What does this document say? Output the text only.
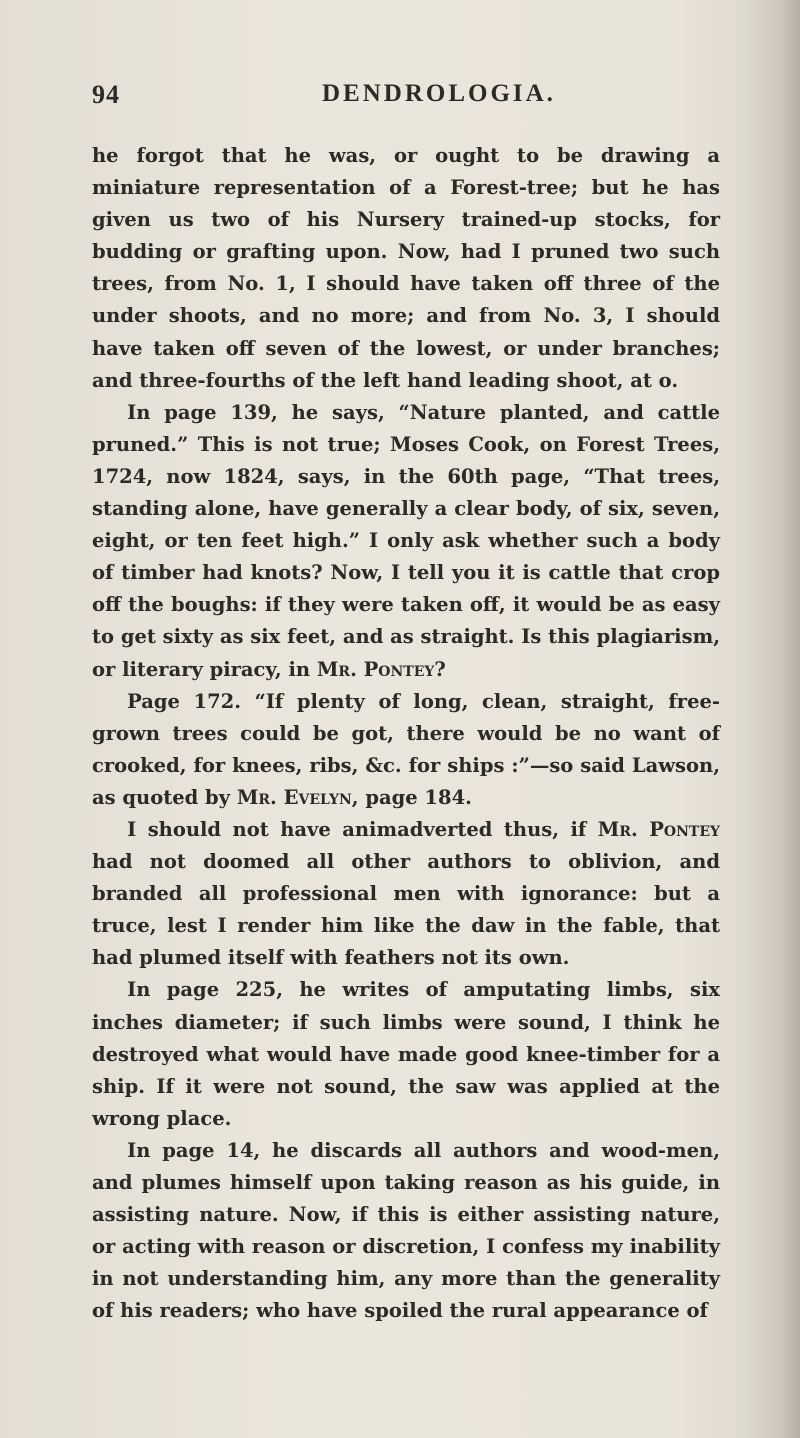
94	DENDROLOGIA.

he forgot that he was, or ought to be drawing a miniature representation of a Forest-tree; but he has given us two of his Nursery trained-up stocks, for budding or grafting upon. Now, had I pruned two such trees, from No. 1, I should have taken off three of the under shoots, and no more; and from No. 3, I should have taken off seven of the lowest, or under branches; and three-fourths of the left hand leading shoot, at o.

In page 139, he says, “Nature planted, and cattle pruned.” This is not true; Moses Cook, on Forest Trees, 1724, now 1824, says, in the 60th page, “That trees, standing alone, have generally a clear body, of six, seven, eight, or ten feet high.” I only ask whether such a body of timber had knots? Now, I tell you it is cattle that crop off the boughs: if they were taken off, it would be as easy to get sixty as six feet, and as straight. Is this plagiarism, or literary piracy, in Mr. Pontey?

Page 172. “If plenty of long, clean, straight, free-grown trees could be got, there would be no want of crooked, for knees, ribs, &c. for ships :”—so said Lawson, as quoted by Mr. Evelyn, page 184.

I should not have animadverted thus, if Mr. Pontey had not doomed all other authors to oblivion, and branded all professional men with ignorance: but a truce, lest I render him like the daw in the fable, that had plumed itself with feathers not its own.

In page 225, he writes of amputating limbs, six inches diameter; if such limbs were sound, I think he destroyed what would have made good knee-timber for a ship. If it were not sound, the saw was applied at the wrong place.

In page 14, he discards all authors and wood-men, and plumes himself upon taking reason as his guide, in assisting nature. Now, if this is either assisting nature, or acting with reason or discretion, I confess my inability in not understanding him, any more than the generality of his readers; who have spoiled the rural appearance of
